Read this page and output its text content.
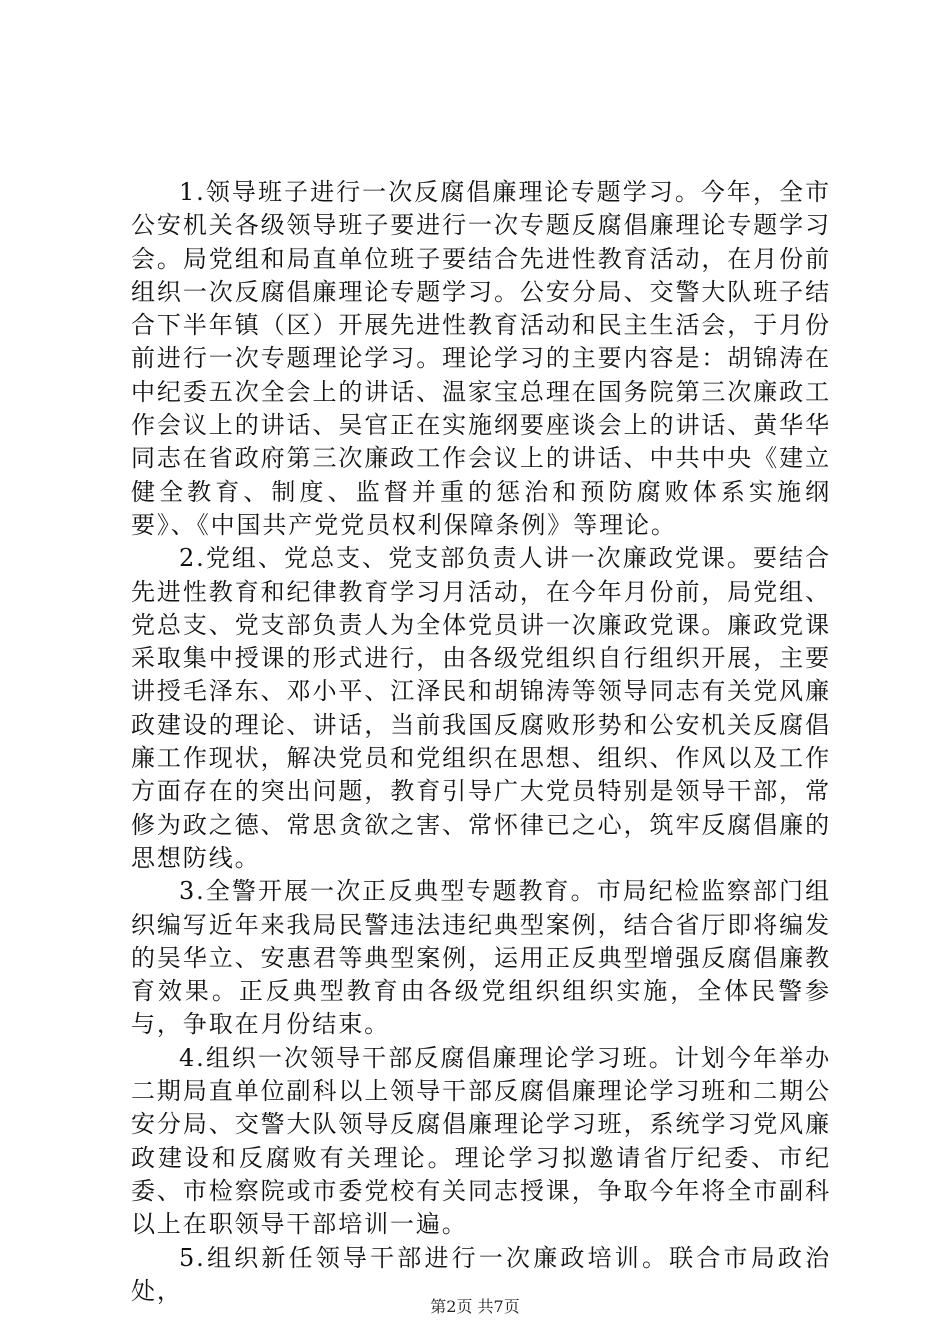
1.领导班子进行一次反腐倡廉理论专题学习。今年，全市公安机关各级领导班子要进行一次专题反腐倡廉理论专题学习会。局党组和局直单位班子要结合先进性教育活动，在月份前组织一次反腐倡廉理论专题学习。公安分局、交警大队班子结合下半年镇（区）开展先进性教育活动和民主生活会，于月份前进行一次专题理论学习。理论学习的主要内容是：胡锦涛在中纪委五次全会上的讲话、温家宝总理在国务院第三次廉政工作会议上的讲话、吴官正在实施纲要座谈会上的讲话、黄华华同志在省政府第三次廉政工作会议上的讲话、中共中央《建立健全教育、制度、监督并重的惩治和预防腐败体系实施纲要》、《中国共产党党员权利保障条例》等理论。

2.党组、党总支、党支部负责人讲一次廉政党课。要结合先进性教育和纪律教育学习月活动，在今年月份前，局党组、党总支、党支部负责人为全体党员讲一次廉政党课。廉政党课采取集中授课的形式进行，由各级党组织自行组织开展，主要讲授毛泽东、邓小平、江泽民和胡锦涛等领导同志有关党风廉政建设的理论、讲话，当前我国反腐败形势和公安机关反腐倡廉工作现状，解决党员和党组织在思想、组织、作风以及工作方面存在的突出问题，教育引导广大党员特别是领导干部，常修为政之德、常思贪欲之害、常怀律已之心，筑牢反腐倡廉的思想防线。

3.全警开展一次正反典型专题教育。市局纪检监察部门组织编写近年来我局民警违法违纪典型案例，结合省厅即将编发的吴华立、安惠君等典型案例，运用正反典型增强反腐倡廉教育效果。正反典型教育由各级党组织组织实施，全体民警参与，争取在月份结束。

4.组织一次领导干部反腐倡廉理论学习班。计划今年举办二期局直单位副科以上领导干部反腐倡廉理论学习班和二期公安分局、交警大队领导反腐倡廉理论学习班，系统学习党风廉政建设和反腐败有关理论。理论学习拟邀请省厅纪委、市纪委、市检察院或市委党校有关同志授课，争取今年将全市副科以上在职领导干部培训一遍。

5.组织新任领导干部进行一次廉政培训。联合市局政治处，

第2页 共7页
